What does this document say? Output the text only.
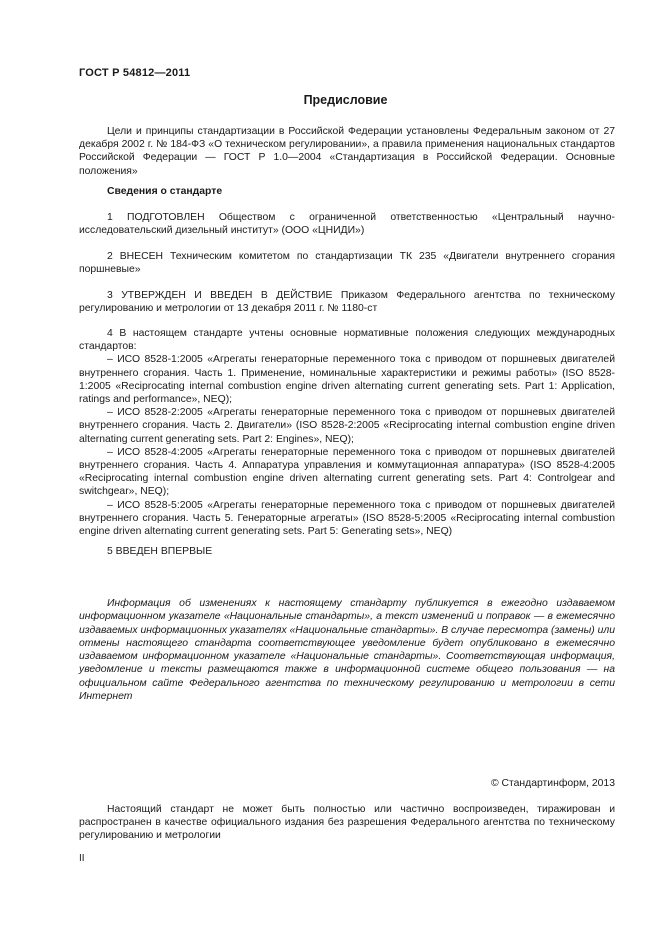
ГОСТ Р 54812—2011
Предисловие

Цели и принципы стандартизации в Российской Федерации установлены Федеральным законом от 27 декабря 2002 г. № 184-ФЗ «О техническом регулировании», а правила применения национальных стандартов Российской Федерации — ГОСТ Р 1.0—2004 «Стандартизация в Российской Федерации. Основные положения»

Сведения о стандарте

1 ПОДГОТОВЛЕН Обществом с ограниченной ответственностью «Центральный научно-исследовательский дизельный институт» (ООО «ЦНИДИ»)

2 ВНЕСЕН Техническим комитетом по стандартизации ТК 235 «Двигатели внутреннего сгорания поршневые»

3 УТВЕРЖДЕН И ВВЕДЕН В ДЕЙСТВИЕ Приказом Федерального агентства по техническому регулированию и метрологии от 13 декабря 2011 г. № 1180-ст

4 В настоящем стандарте учтены основные нормативные положения следующих международных стандартов:

– ИСО 8528-1:2005 «Агрегаты генераторные переменного тока с приводом от поршневых двигателей внутреннего сгорания. Часть 1. Применение, номинальные характеристики и режимы работы» (ISO 8528-1:2005 «Reciprocating internal combustion engine driven alternating current generating sets. Part 1: Application, ratings and performance», NEQ);

– ИСО 8528-2:2005 «Агрегаты генераторные переменного тока с приводом от поршневых двигателей внутреннего сгорания. Часть 2. Двигатели» (ISO 8528-2:2005 «Reciprocating internal combustion engine driven alternating current generating sets. Part 2: Engines», NEQ);

– ИСО 8528-4:2005 «Агрегаты генераторные переменного тока с приводом от поршневых двигателей внутреннего сгорания. Часть 4. Аппаратура управления и коммутационная аппаратура» (ISO 8528-4:2005 «Reciprocating internal combustion engine driven alternating current generating sets. Part 4: Controlgear and switchgear», NEQ);

– ИСО 8528-5:2005 «Агрегаты генераторные переменного тока с приводом от поршневых двигателей внутреннего сгорания. Часть 5. Генераторные агрегаты» (ISO 8528-5:2005 «Reciprocating internal combustion engine driven alternating current generating sets. Part 5: Generating sets», NEQ)

5 ВВЕДЕН ВПЕРВЫЕ

Информация об изменениях к настоящему стандарту публикуется в ежегодно издаваемом информационном указателе «Национальные стандарты», а текст изменений и поправок — в ежемесячно издаваемых информационных указателях «Национальные стандарты». В случае пересмотра (замены) или отмены настоящего стандарта соответствующее уведомление будет опубликовано в ежемесячно издаваемом информационном указателе «Национальные стандарты». Соответствующая информация, уведомление и тексты размещаются также в информационной системе общего пользования — на официальном сайте Федерального агентства по техническому регулированию и метрологии в сети Интернет

© Стандартинформ, 2013

Настоящий стандарт не может быть полностью или частично воспроизведен, тиражирован и распространен в качестве официального издания без разрешения Федерального агентства по техническому регулированию и метрологии

II
